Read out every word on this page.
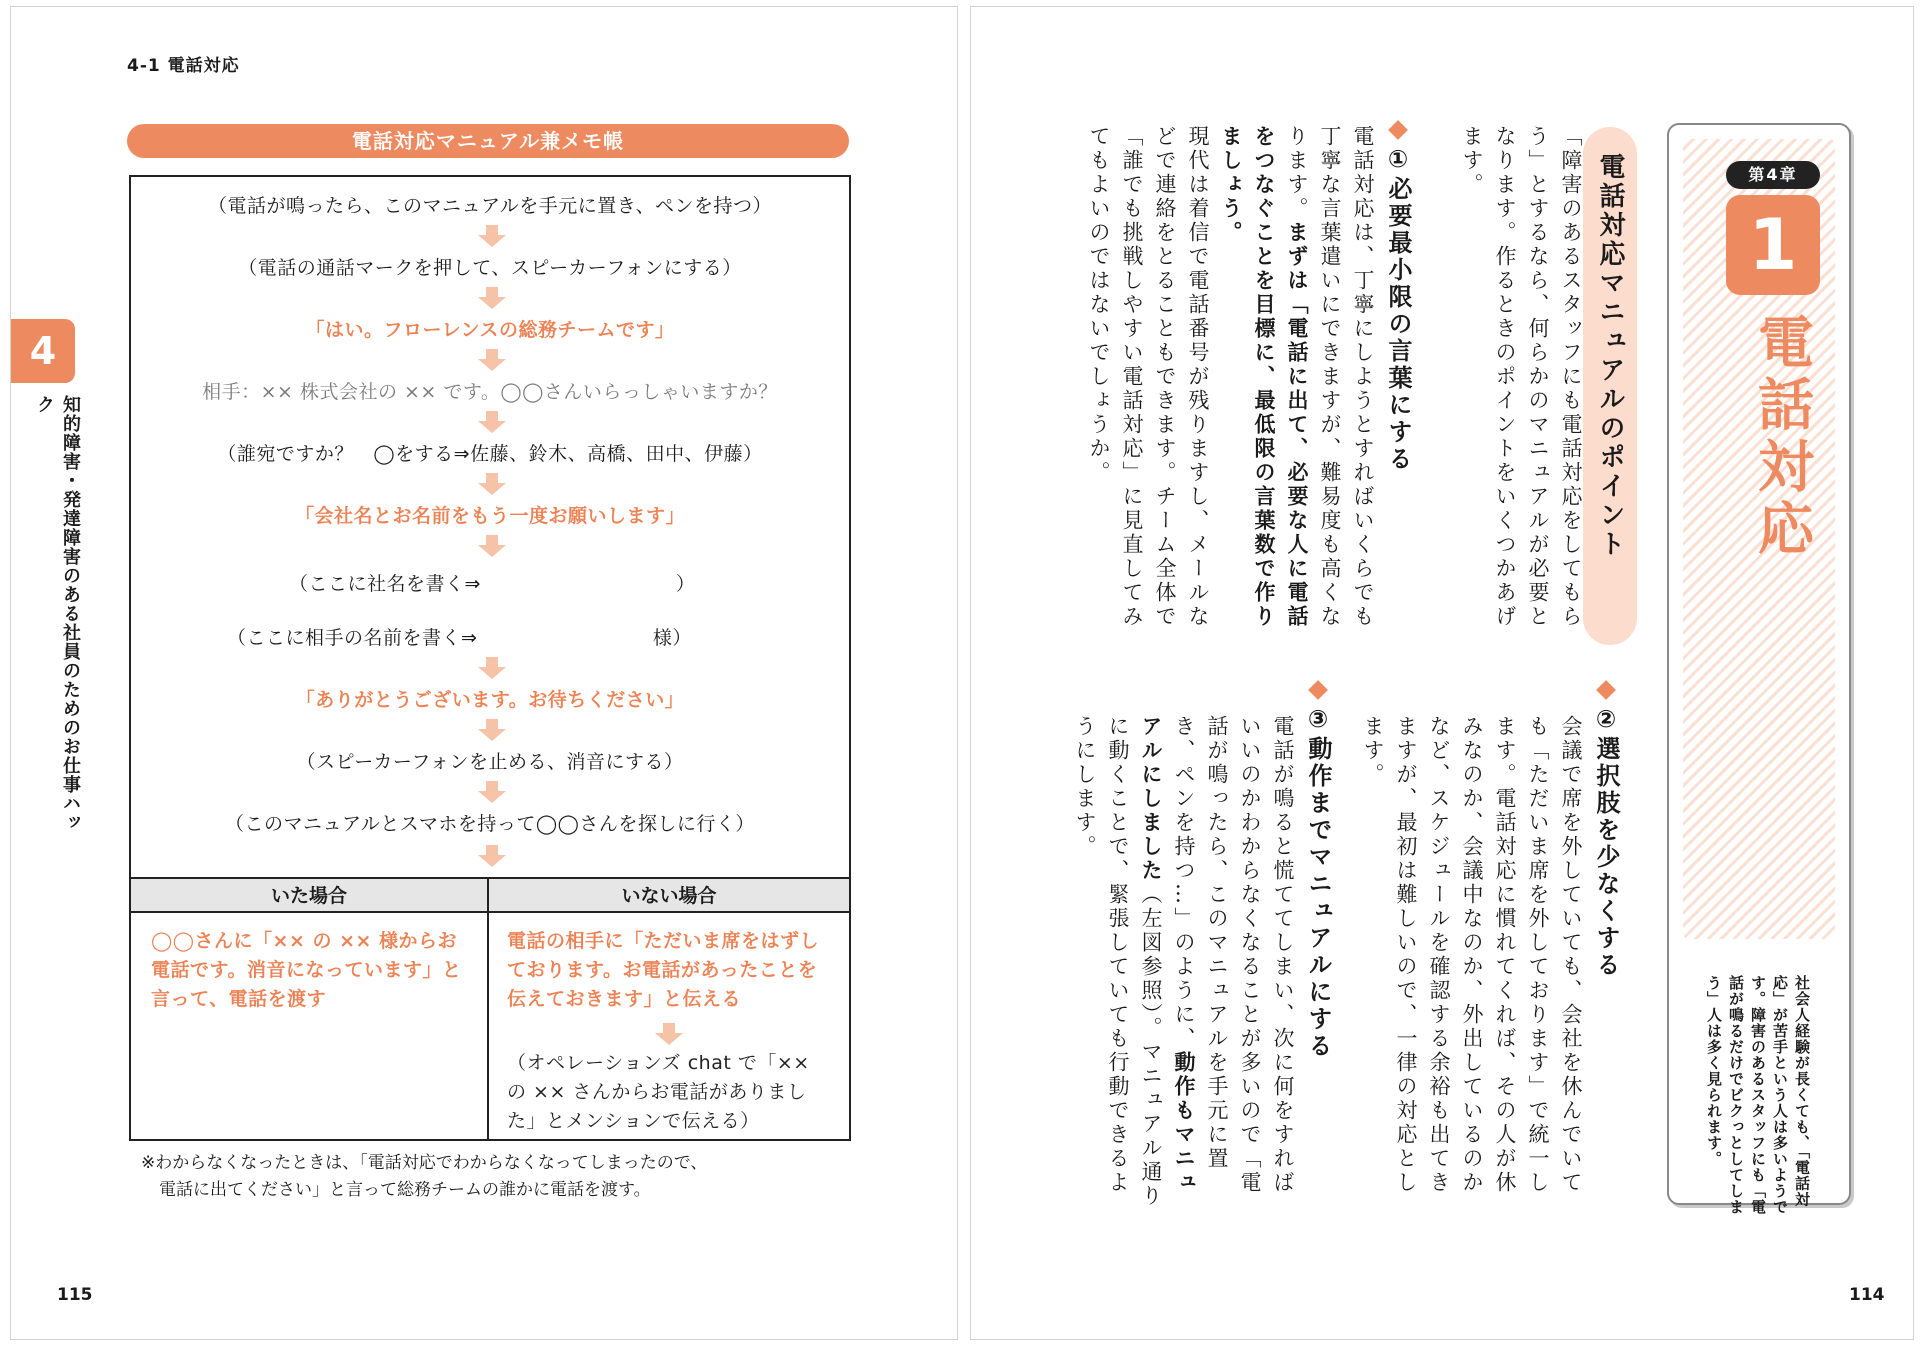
4-1 電話対応
電話対応マニュアル兼メモ帳
（電話が鳴ったら、このマニュアルを手元に置き、ペンを持つ）
（電話の通話マークを押して、スピーカーフォンにする）
「はい。フローレンスの総務チームです」
相手：×× 株式会社の ×× です。◯◯さんいらっしゃいますか？
（誰宛ですか？　◯をする⇒佐藤、鈴木、高橋、田中、伊藤）
「会社名とお名前をもう一度お願いします」
（ここに社名を書く⇒　　　　　　　　　　）
（ここに相手の名前を書く⇒　　　　　　　　　様）
「ありがとうございます。お待ちください」
（スピーカーフォンを止める、消音にする）
（このマニュアルとスマホを持って◯◯さんを探しに行く）
いた場合	いない場合
◯◯さんに「×× の ×× 様からお電話です。消音になっています」と言って、電話を渡す
電話の相手に「ただいま席をはずしております。お電話があったことを伝えておきます」と伝える
（オペレーションズ chat で「×× の ×× さんからお電話がありました」とメンションで伝える）
※わからなくなったときは、「電話対応でわからなくなってしまったので、
電話に出てください」と言って総務チームの誰かに電話を渡す。
4
知的障害・発達障害のある社員のためのお仕事ハック
115
第4章
1
電話対応
社会人経験が長くても、「電話対応」が苦手という人は多いようです。障害のあるスタッフにも「電話が鳴るだけでビクっとしてしまう」人は多く見られます。
電話対応マニュアルのポイント
「障害のあるスタッフにも電話対応をしてもらう」とするなら、何らかのマニュアルが必要となります。作るときのポイントをいくつかあげます。
①必要最小限の言葉にする
電話対応は、丁寧にしようとすればいくらでも丁寧な言葉遣いにできますが、難易度も高くなります。まずは「電話に出て、必要な人に電話をつなぐことを目標に、最低限の言葉数で作りましょう。
現代は着信で電話番号が残りますし、メールなどで連絡をとることもできます。チーム全体で「誰でも挑戦しやすい電話対応」に見直してみてもよいのではないでしょうか。
②選択肢を少なくする
会議で席を外していても、会社を休んでいても「ただいま席を外しております」で統一します。電話対応に慣れてくれば、その人が休みなのか、会議中なのか、外出しているのかなど、スケジュールを確認する余裕も出てきますが、最初は難しいので、一律の対応とします。
③動作までマニュアルにする
電話が鳴ると慌ててしまい、次に何をすればいいのかわからなくなることが多いので「電話が鳴ったら、このマニュアルを手元に置き、ペンを持つ…」のように、動作もマニュアルにしました（左図参照）。マニュアル通りに動くことで、緊張していても行動できるようにします。
114
